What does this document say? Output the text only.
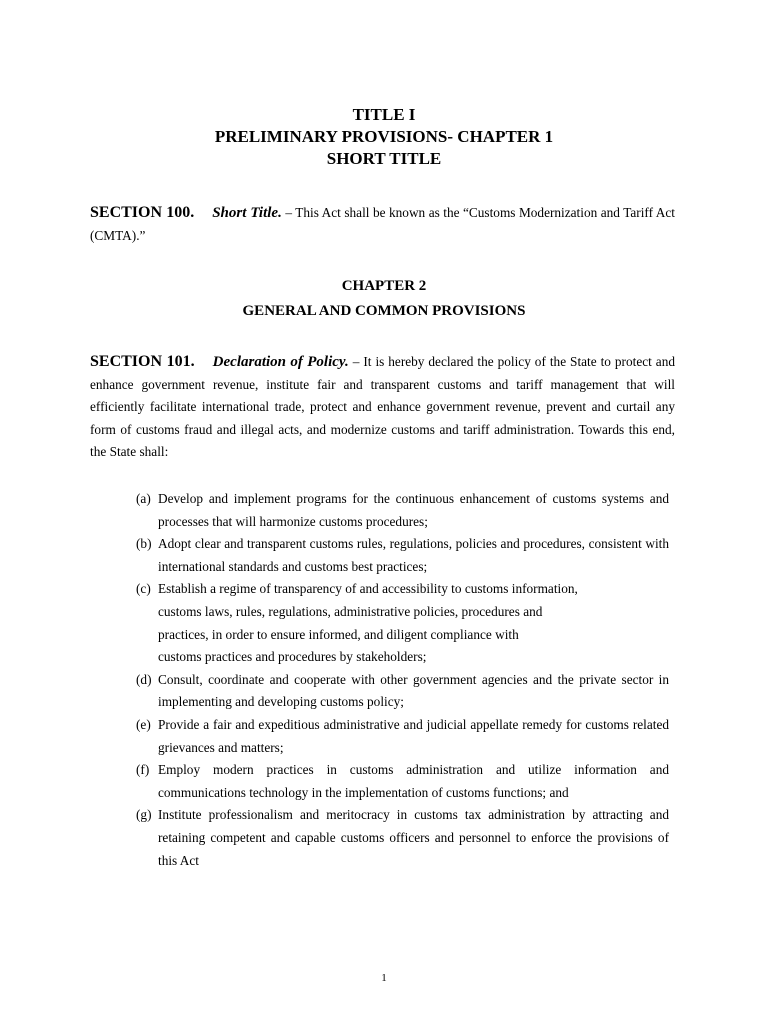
TITLE I
PRELIMINARY PROVISIONS- CHAPTER 1
SHORT TITLE
SECTION 100. Short Title. – This Act shall be known as the “Customs Modernization and Tariff Act (CMTA).”
CHAPTER 2
GENERAL AND COMMON PROVISIONS
SECTION 101. Declaration of Policy. – It is hereby declared the policy of the State to protect and enhance government revenue, institute fair and transparent customs and tariff management that will efficiently facilitate international trade, protect and enhance government revenue, prevent and curtail any form of customs fraud and illegal acts, and modernize customs and tariff administration. Towards this end, the State shall:
(a) Develop and implement programs for the continuous enhancement of customs systems and processes that will harmonize customs procedures;
(b) Adopt clear and transparent customs rules, regulations, policies and procedures, consistent with international standards and customs best practices;
(c) Establish a regime of transparency of and accessibility to customs information,
customs laws, rules, regulations, administrative policies, procedures and
practices, in order to ensure informed, and diligent compliance with
customs practices and procedures by stakeholders;
(d) Consult, coordinate and cooperate with other government agencies and the private sector in implementing and developing customs policy;
(e) Provide a fair and expeditious administrative and judicial appellate remedy for customs related grievances and matters;
(f) Employ modern practices in customs administration and utilize information and communications technology in the implementation of customs functions; and
(g) Institute professionalism and meritocracy in customs tax administration by attracting and retaining competent and capable customs officers and personnel to enforce the provisions of this Act
1
